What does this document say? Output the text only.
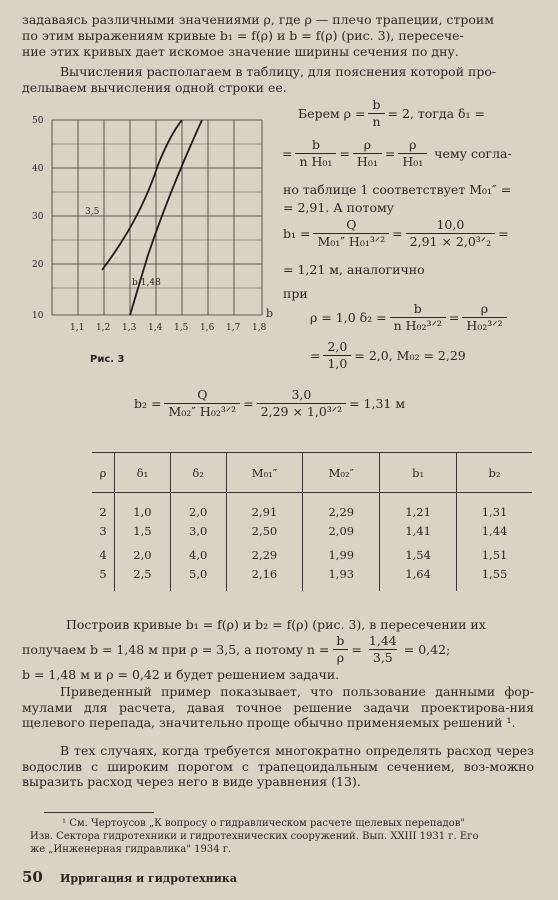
задаваясь различными значениями ρ, где ρ — плечо трапеции, строим
по этим выражениям кривые b₁ = f(ρ) и b = f(ρ) (рис. 3), пересече-
ние этих кривых дает искомое значение ширины сечения по дну.
Вычисления располагаем в таблицу, для пояснения которой про-
делываем вычисления одной строки ее.
50
40
30
20
10
1,1 1,2 1,3 1,4 1,5 1,6 1,7 1,8
3,5
b/1,48
b
Рис. 3
Берем $\rho = \frac{b}{n} = 2$, тогда δ₁ =
= $\frac{b}{\text{n H₀₁}} = \frac{\rho}{\text{H₀₁}} = \frac{\rho}{\text{H₀₁}}$ чему согла-
но таблице 1 соответствует M₀₁″ =
= 2,91. А потому
b₁ =
Q
M₀₁″ H₀₁³ᐟ²
=
10,0
2,91 × 2,0³ᐟ₂
=
= 1,21 м, аналогично
при
ρ = 1,0 δ₂ =
b
n H₀₂³ᐟ²
=
ρ
H₀₂³ᐟ²
= $\frac{2,0}{1,0} = 2,0$, M₀₂ = 2,29
b₂ =
Q
M₀₂″ H₀₂³ᐟ²
=
3,0
2,29 × 1,0³ᐟ²
= 1,31 м
ρ	δ₁	δ₂	M₀₁″	M₀₂″	b₁	b₂
2	1,0	2,0	2,91	2,29	1,21	1,31
3	1,5	3,0	2,50	2,09	1,41	1,44
4	2,0	4,0	2,29	1,99	1,54	1,51
5	2,5	5,0	2,16	1,93	1,64	1,55
Построив кривые b₁ = f(ρ) и b₂ = f(ρ) (рис. 3), в пересечении их
получаем b = 1,48 м при ρ = 3,5, а потому $n = \frac{b}{\rho} = \frac{1,44}{3,5} = 0,42$;
b = 1,48 м и ρ = 0,42 и будет решением задачи.
Приведенный пример показывает, что пользование данными фор-мулами для расчета, давая точное решение задачи проектирова-ния щелевого перепада, значительно проще обычно применяемых решений ¹.
В тех случаях, когда требуется многократно определять расход через водослив с широким порогом с трапецоидальным сечением, воз-можно выразить расход через него в виде уравнения (13).
¹ См. Чертоусов „К вопросу о гидравлическом расчете щелевых перепадов"
Изв. Сектора гидротехники и гидротехнических сооружений. Вып. XXIII 1931 г. Его
же „Инженерная гидравлика" 1934 г.
50 Ирригация и гидротехника
